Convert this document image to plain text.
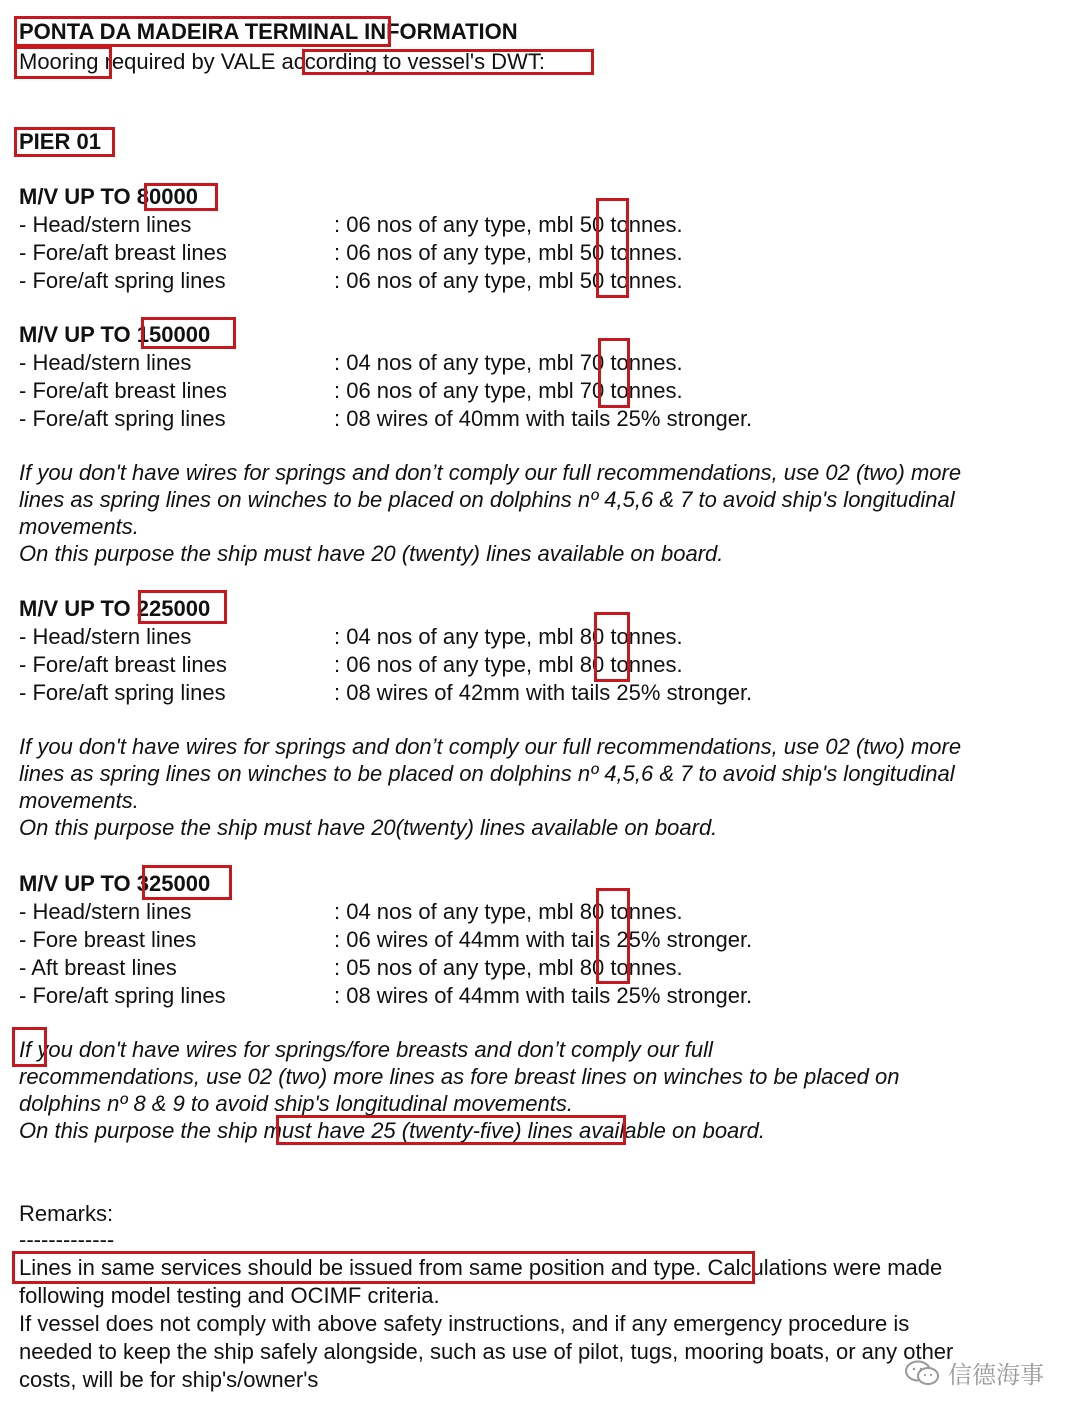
PONTA DA MADEIRA TERMINAL INFORMATION
Mooring required by VALE according to vessel's DWT:
PIER 01
M/V UP TO 80000
- Head/stern lines	: 06 nos of any type, mbl 50 tonnes.
- Fore/aft breast lines	: 06 nos of any type, mbl 50 tonnes.
- Fore/aft spring lines	: 06 nos of any type, mbl 50 tonnes.
M/V UP TO 150000
- Head/stern lines	: 04 nos of any type, mbl 70 tonnes.
- Fore/aft breast lines	: 06 nos of any type, mbl 70 tonnes.
- Fore/aft spring lines	: 08 wires of 40mm with tails 25% stronger.
If you don't have wires for springs and don’t comply our full recommendations, use 02 (two) more
lines as spring lines on winches to be placed on dolphins nº 4,5,6 & 7 to avoid ship's longitudinal
movements.
On this purpose the ship must have 20 (twenty) lines available on board.
M/V UP TO 225000
- Head/stern lines	: 04 nos of any type, mbl 80 tonnes.
- Fore/aft breast lines	: 06 nos of any type, mbl 80 tonnes.
- Fore/aft spring lines	: 08 wires of 42mm with tails 25% stronger.
If you don't have wires for springs and don’t comply our full recommendations, use 02 (two) more
lines as spring lines on winches to be placed on dolphins nº 4,5,6 & 7 to avoid ship's longitudinal
movements.
On this purpose the ship must have 20(twenty) lines available on board.
M/V UP TO 325000
- Head/stern lines	: 04 nos of any type, mbl 80 tonnes.
- Fore breast lines	: 06 wires of 44mm with tails 25% stronger.
- Aft breast lines	: 05 nos of any type, mbl 80 tonnes.
- Fore/aft spring lines	: 08 wires of 44mm with tails 25% stronger.
If you don't have wires for springs/fore breasts and don’t comply our full
recommendations, use 02 (two) more lines as fore breast lines on winches to be placed on
dolphins nº 8 & 9 to avoid ship's longitudinal movements.
On this purpose the ship must have 25 (twenty-five) lines available on board.
Remarks:
-------------
Lines in same services should be issued from same position and type. Calculations were made
following model testing and OCIMF criteria.
If vessel does not comply with above safety instructions, and if any emergency procedure is
needed to keep the ship safely alongside, such as use of pilot, tugs, mooring boats, or any other
costs, will be for ship's/owner's	信德海事
